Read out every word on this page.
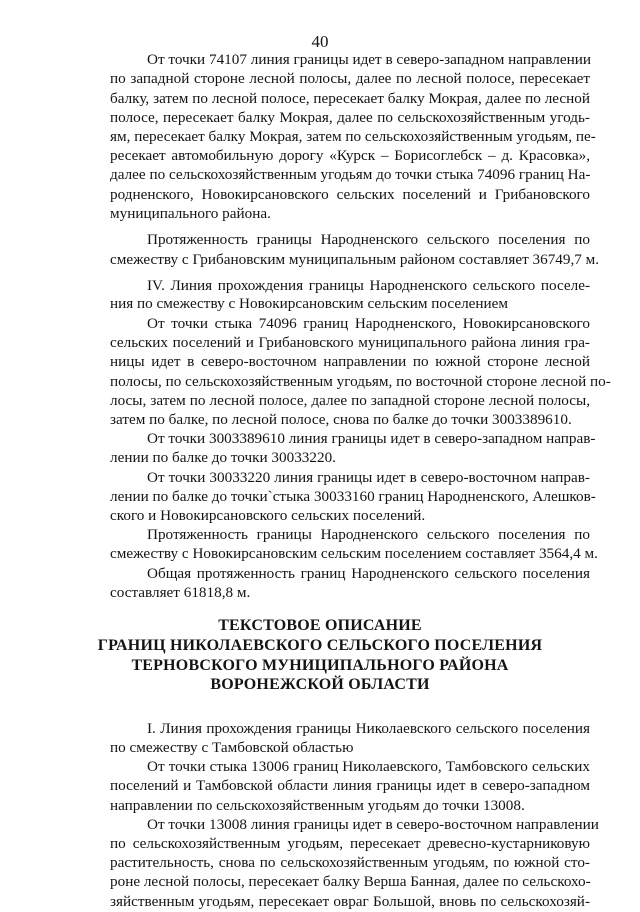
40
От точки 74107 линия границы идет в северо-западном направлении
по западной стороне лесной полосы, далее по лесной полосе, пересекает
балку, затем по лесной полосе, пересекает балку Мокрая, далее по лесной
полосе, пересекает балку Мокрая, далее по сельскохозяйственным угодь-
ям, пересекает балку Мокрая, затем по сельскохозяйственным угодьям, пе-
ресекает автомобильную дорогу «Курск – Борисоглебск – д. Красовка»,
далее по сельскохозяйственным угодьям до точки стыка 74096 границ На-
родненского, Новокирсановского сельских поселений и Грибановского
муниципального района.
Протяженность границы Народненского сельского поселения по
смежеству с Грибановским муниципальным районом составляет 36749,7 м.
IV. Линия прохождения границы Народненского сельского поселе-
ния по смежеству с Новокирсановским сельским поселением
От точки стыка 74096 границ Народненского, Новокирсановского
сельских поселений и Грибановского муниципального района линия гра-
ницы идет в северо-восточном направлении по южной стороне лесной
полосы, по сельскохозяйственным угодьям, по восточной стороне лесной по-
лосы, затем по лесной полосе, далее по западной стороне лесной полосы,
затем по балке, по лесной полосе, снова по балке до точки 3003389610.
От точки 3003389610 линия границы идет в северо-западном направ-
лении по балке до точки 30033220.
От точки 30033220 линия границы идет в северо-восточном направ-
лении по балке до точки`стыка 30033160 границ Народненского, Алешков-
ского и Новокирсановского сельских поселений.
Протяженность границы Народненского сельского поселения по
смежеству с Новокирсановским сельским поселением составляет 3564,4 м.
Общая протяженность границ Народненского сельского поселения
составляет 61818,8 м.
ТЕКСТОВОЕ ОПИСАНИЕ
ГРАНИЦ НИКОЛАЕВСКОГО СЕЛЬСКОГО ПОСЕЛЕНИЯ
ТЕРНОВСКОГО МУНИЦИПАЛЬНОГО РАЙОНА
ВОРОНЕЖСКОЙ ОБЛАСТИ
I. Линия прохождения границы Николаевского сельского поселения
по смежеству с Тамбовской областью
От точки стыка 13006 границ Николаевского, Тамбовского сельских
поселений и Тамбовской области линия границы идет в северо-западном
направлении по сельскохозяйственным угодьям до точки 13008.
От точки 13008 линия границы идет в северо-восточном направлении
по сельскохозяйственным угодьям, пересекает древесно-кустарниковую
растительность, снова по сельскохозяйственным угодьям, по южной сто-
роне лесной полосы, пересекает балку Верша Банная, далее по сельскохо-
зяйственным угодьям, пересекает овраг Большой, вновь по сельскохозяй-
